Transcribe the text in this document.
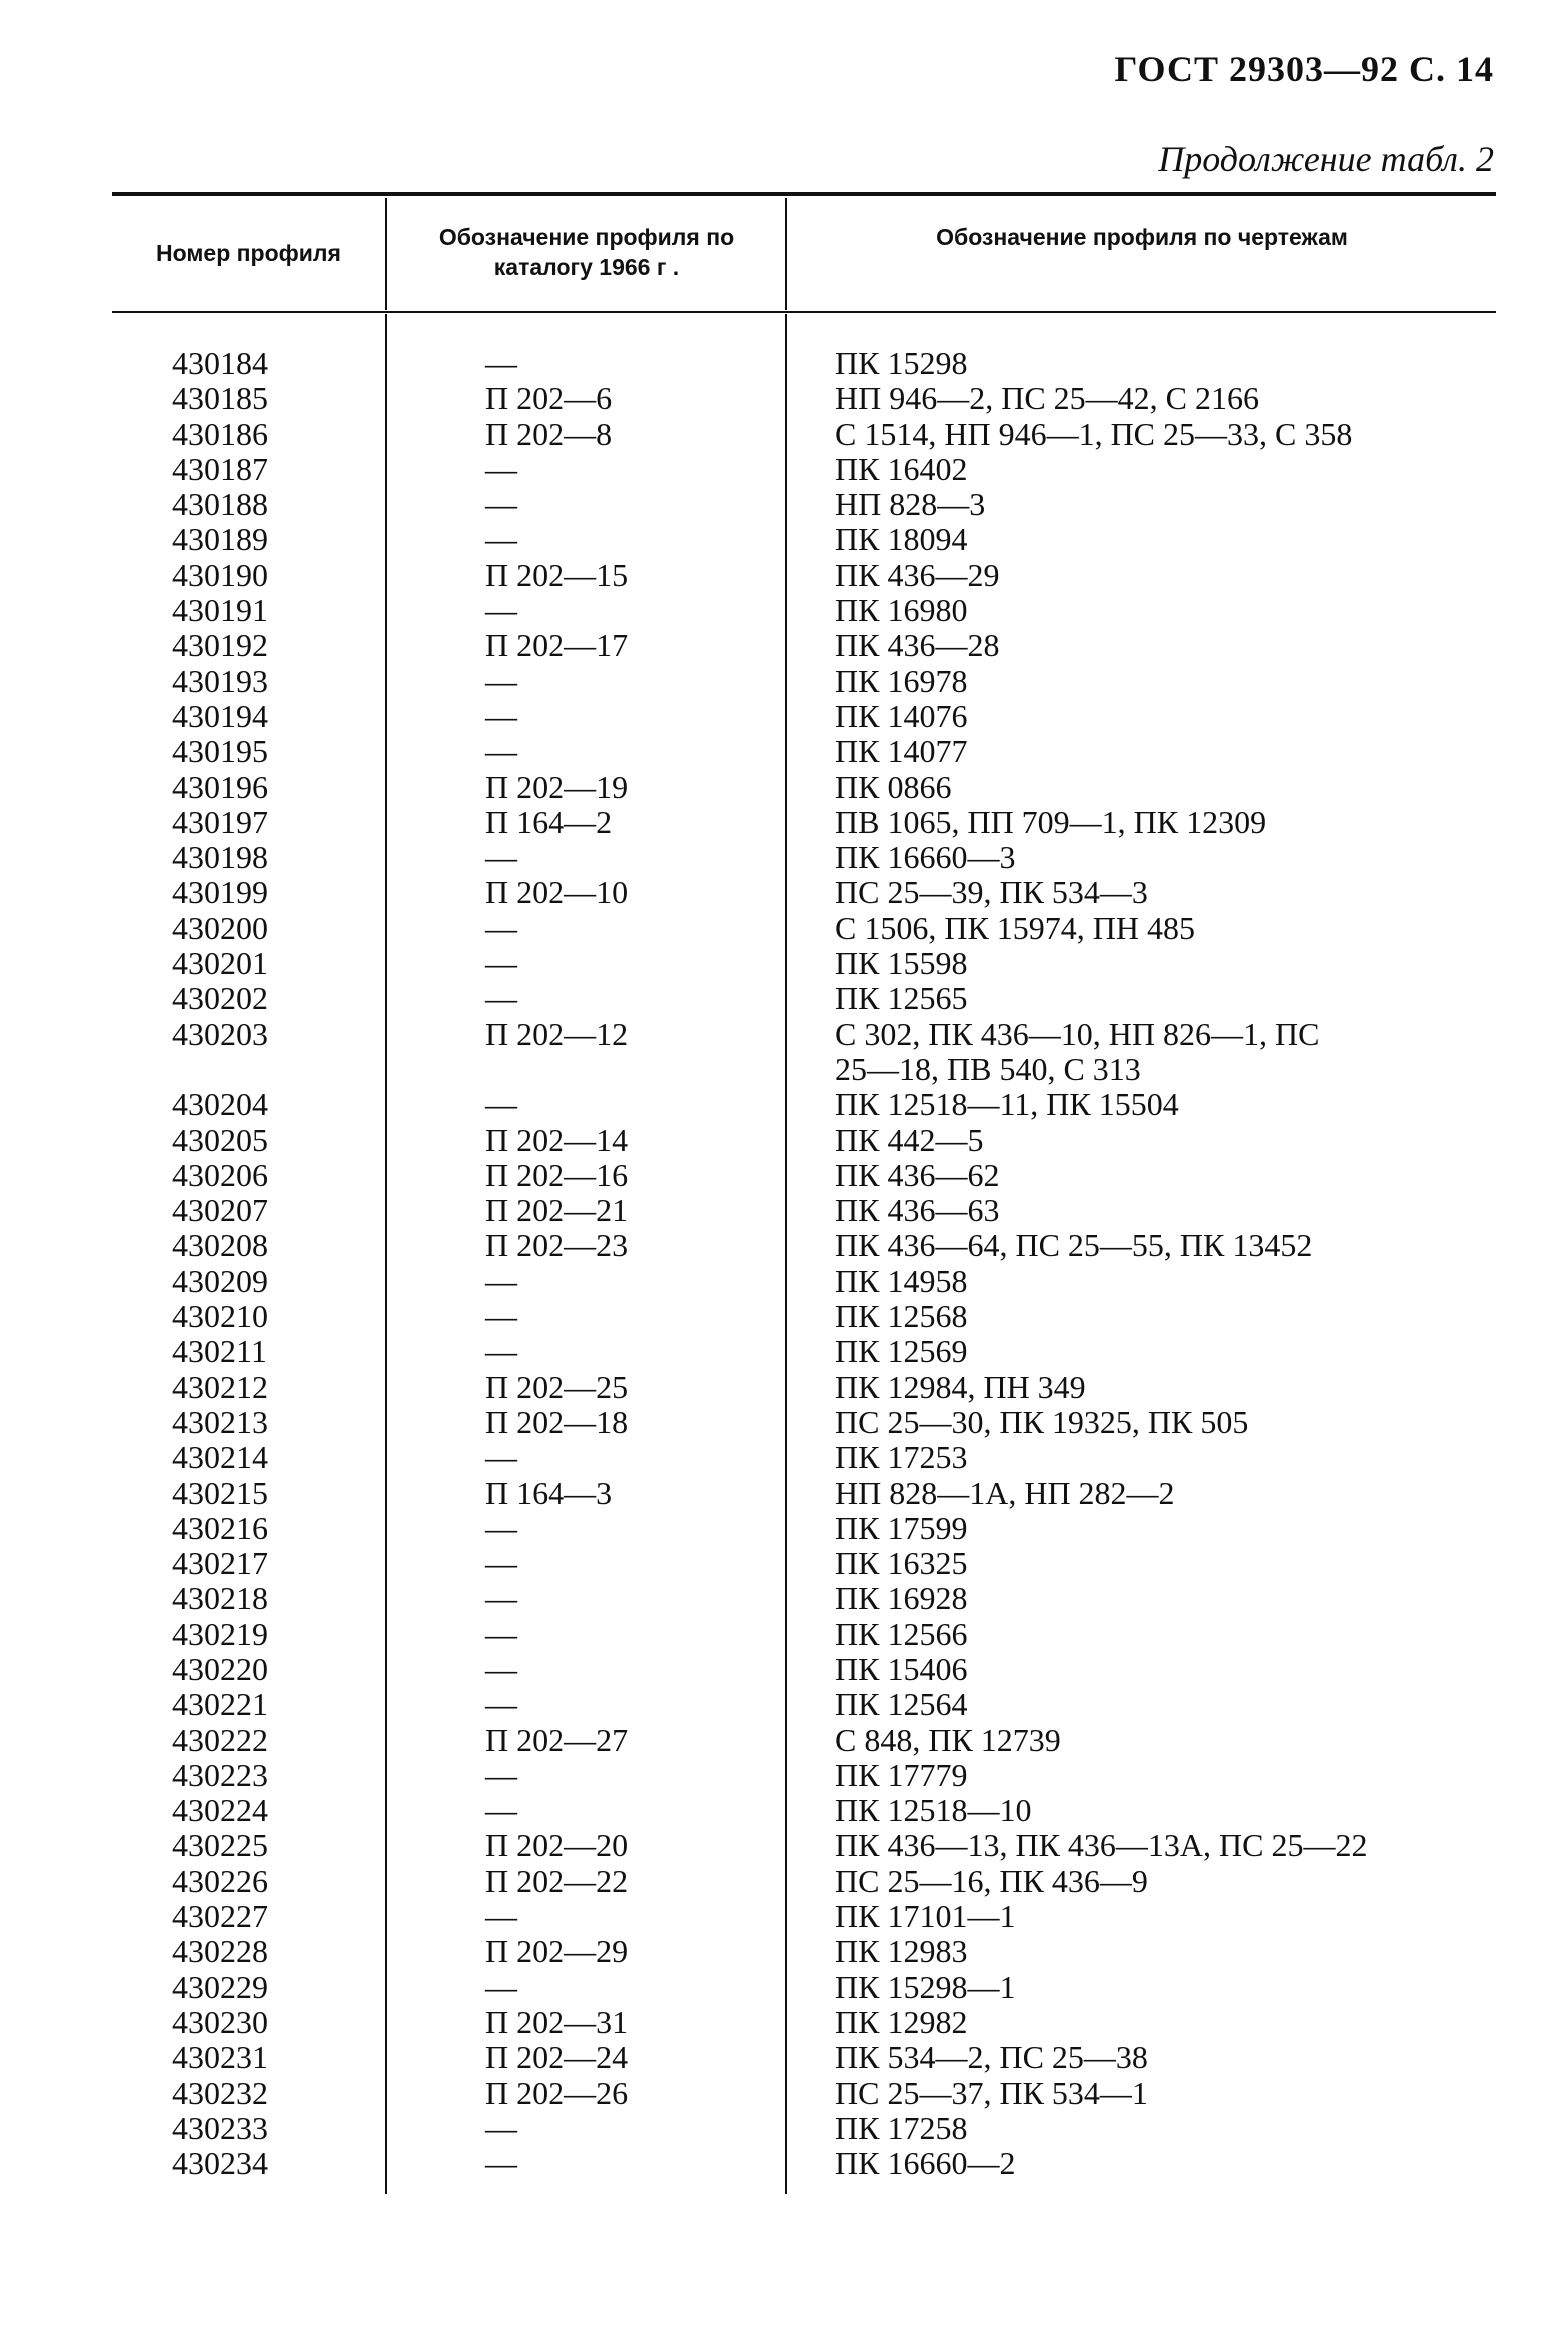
ГОСТ 29303—92 С. 14
Продолжение табл. 2
Номер профиля
Обозначение профиля по каталогу 1966 г .
Обозначение профиля по чертежам
430184	—	ПК 15298
430185	П 202—6	НП 946—2, ПС 25—42, С 2166
430186	П 202—8	С 1514, НП 946—1, ПС 25—33, С 358
430187	—	ПК 16402
430188	—	НП 828—3
430189	—	ПК 18094
430190	П 202—15	ПК 436—29
430191	—	ПК 16980
430192	П 202—17	ПК 436—28
430193	—	ПК 16978
430194	—	ПК 14076
430195	—	ПК 14077
430196	П 202—19	ПК 0866
430197	П 164—2	ПВ 1065, ПП 709—1, ПК 12309
430198	—	ПК 16660—3
430199	П 202—10	ПС 25—39, ПК 534—3
430200	—	С 1506, ПК 15974, ПН 485
430201	—	ПК 15598
430202	—	ПК 12565
430203	П 202—12	С 302, ПК 436—10, НП 826—1, ПС
25—18, ПВ 540, С 313
430204	—	ПК 12518—11, ПК 15504
430205	П 202—14	ПК 442—5
430206	П 202—16	ПК 436—62
430207	П 202—21	ПК 436—63
430208	П 202—23	ПК 436—64, ПС 25—55, ПК 13452
430209	—	ПК 14958
430210	—	ПК 12568
430211	—	ПК 12569
430212	П 202—25	ПК 12984, ПН 349
430213	П 202—18	ПС 25—30, ПК 19325, ПК 505
430214	—	ПК 17253
430215	П 164—3	НП 828—1А, НП 282—2
430216	—	ПК 17599
430217	—	ПК 16325
430218	—	ПК 16928
430219	—	ПК 12566
430220	—	ПК 15406
430221	—	ПК 12564
430222	П 202—27	С 848, ПК 12739
430223	—	ПК 17779
430224	—	ПК 12518—10
430225	П 202—20	ПК 436—13, ПК 436—13А, ПС 25—22
430226	П 202—22	ПС 25—16, ПК 436—9
430227	—	ПК 17101—1
430228	П 202—29	ПК 12983
430229	—	ПК 15298—1
430230	П 202—31	ПК 12982
430231	П 202—24	ПК 534—2, ПС 25—38
430232	П 202—26	ПС 25—37, ПК 534—1
430233	—	ПК 17258
430234	—	ПК 16660—2
